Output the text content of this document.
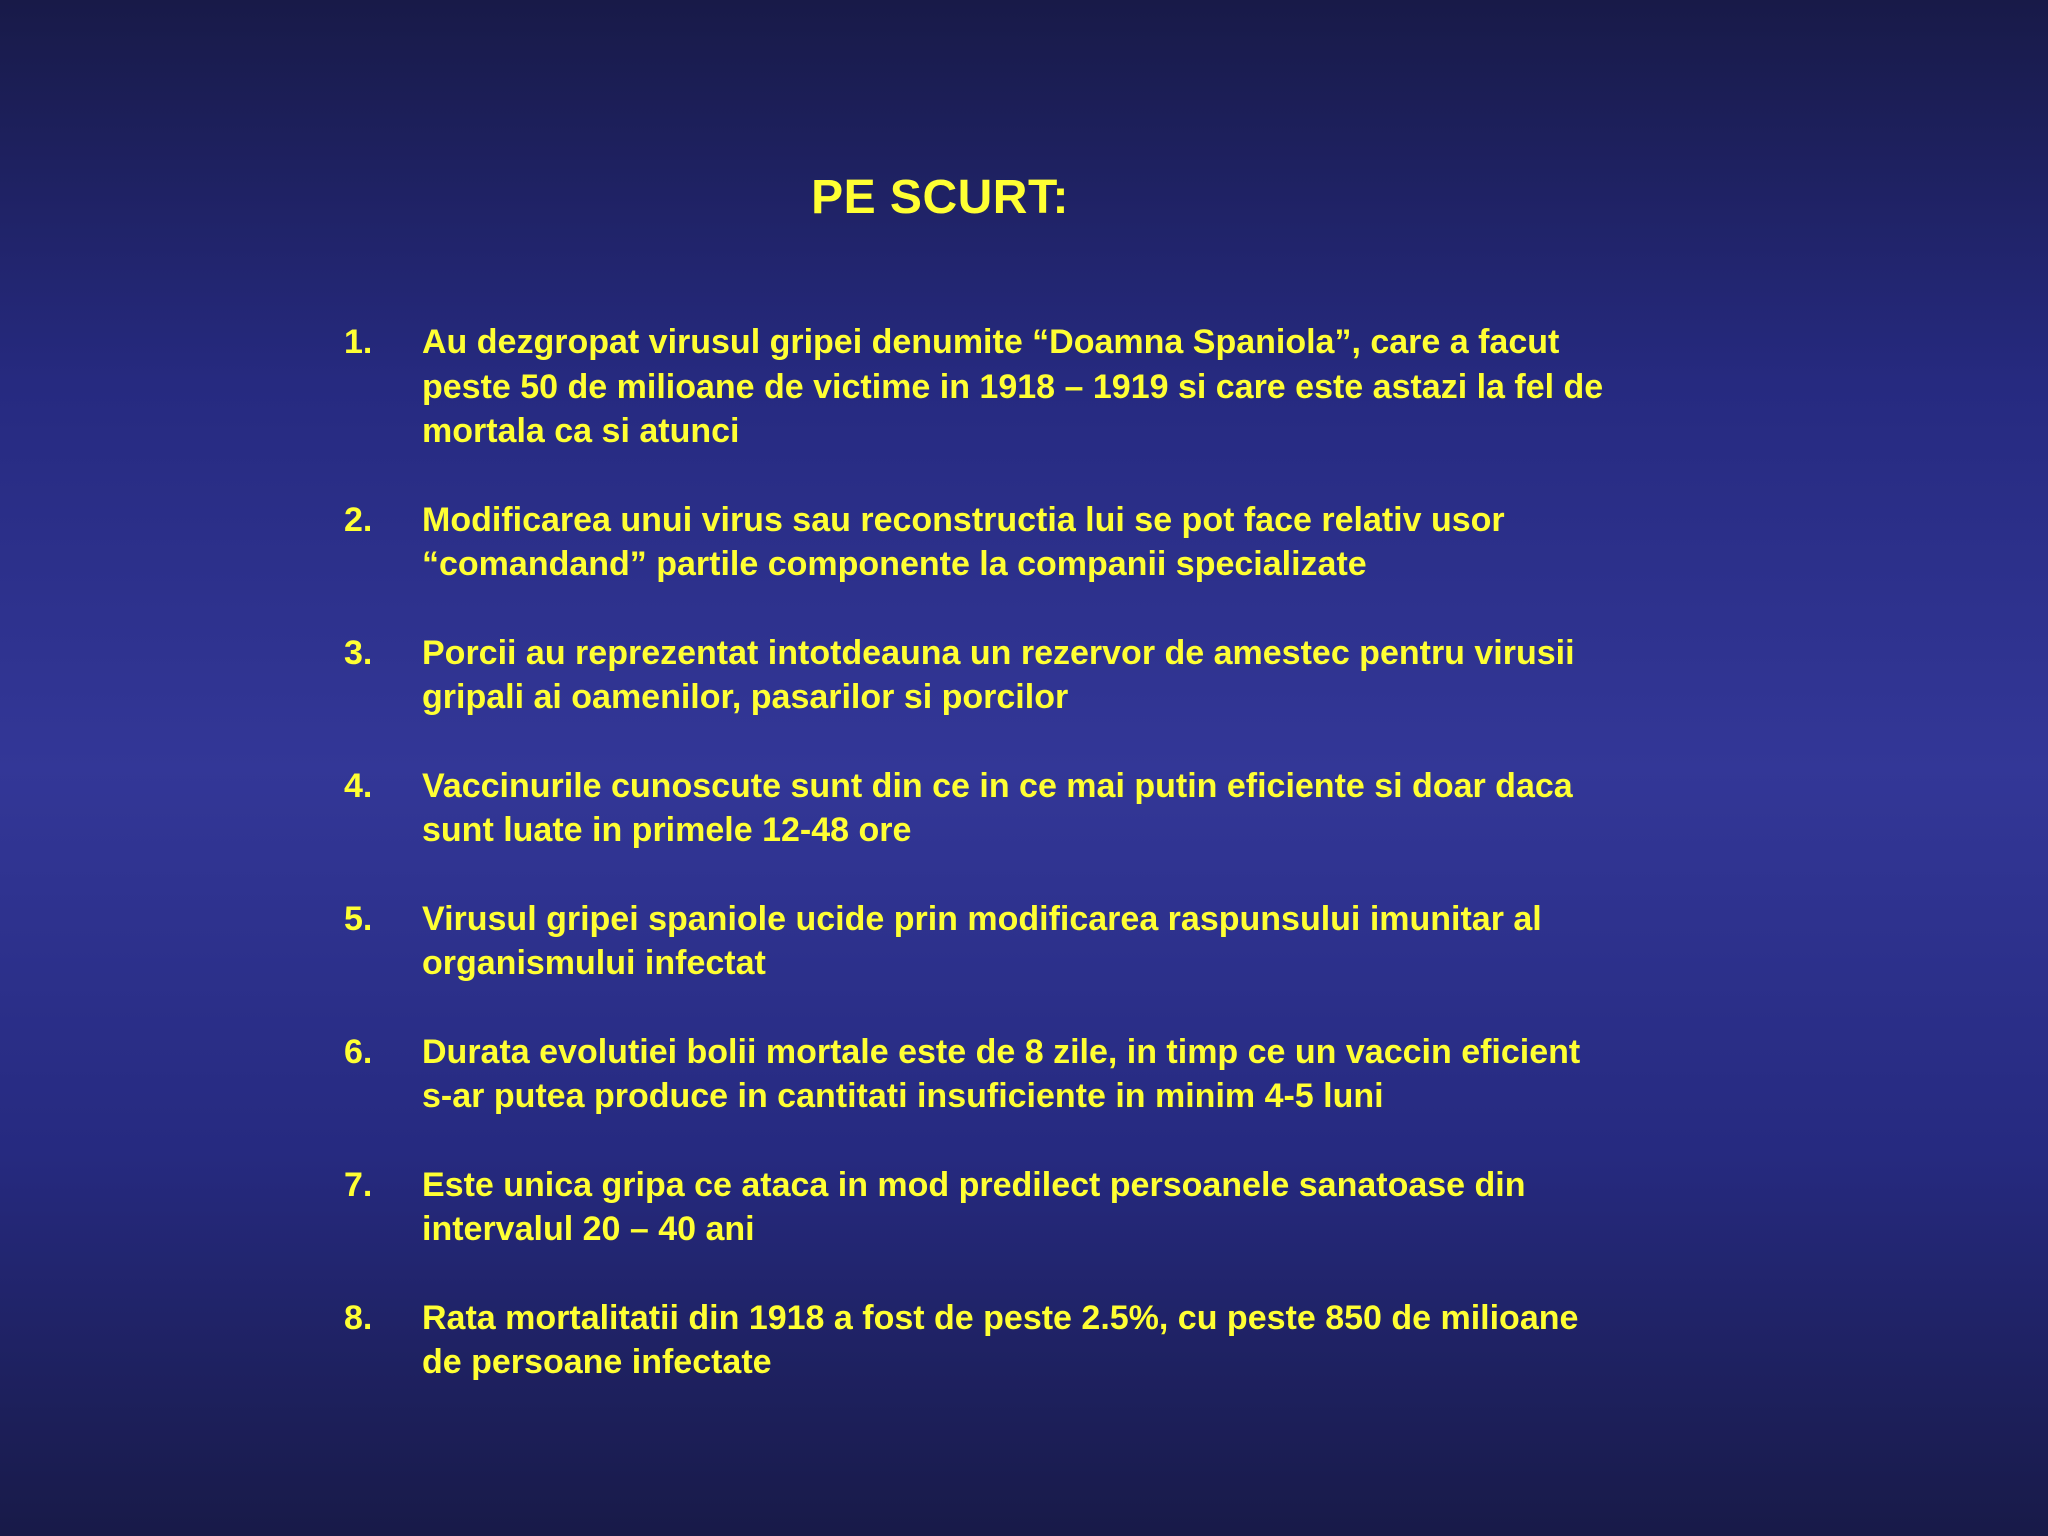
PE SCURT:
1.	Au dezgropat virusul gripei denumite “Doamna Spaniola”, care a facut peste 50 de milioane de victime in 1918 – 1919 si care este astazi la fel de mortala ca si atunci
2.	Modificarea unui virus sau reconstructia lui se pot face relativ usor “comandand” partile componente la companii specializate
3.	Porcii au reprezentat intotdeauna un rezervor de amestec pentru virusii gripali ai oamenilor, pasarilor si porcilor
4.	Vaccinurile cunoscute sunt din ce in ce mai putin eficiente si doar daca sunt luate in primele 12-48 ore
5.	Virusul gripei spaniole ucide prin modificarea raspunsului imunitar al organismului infectat
6.	Durata evolutiei bolii mortale este de 8 zile, in timp ce un vaccin eficient s-ar putea produce in cantitati insuficiente in minim 4-5 luni
7.	Este unica gripa ce ataca in mod predilect persoanele sanatoase din intervalul 20 – 40 ani
8.	Rata mortalitatii din 1918 a fost de peste 2.5%, cu peste 850 de milioane de persoane infectate
